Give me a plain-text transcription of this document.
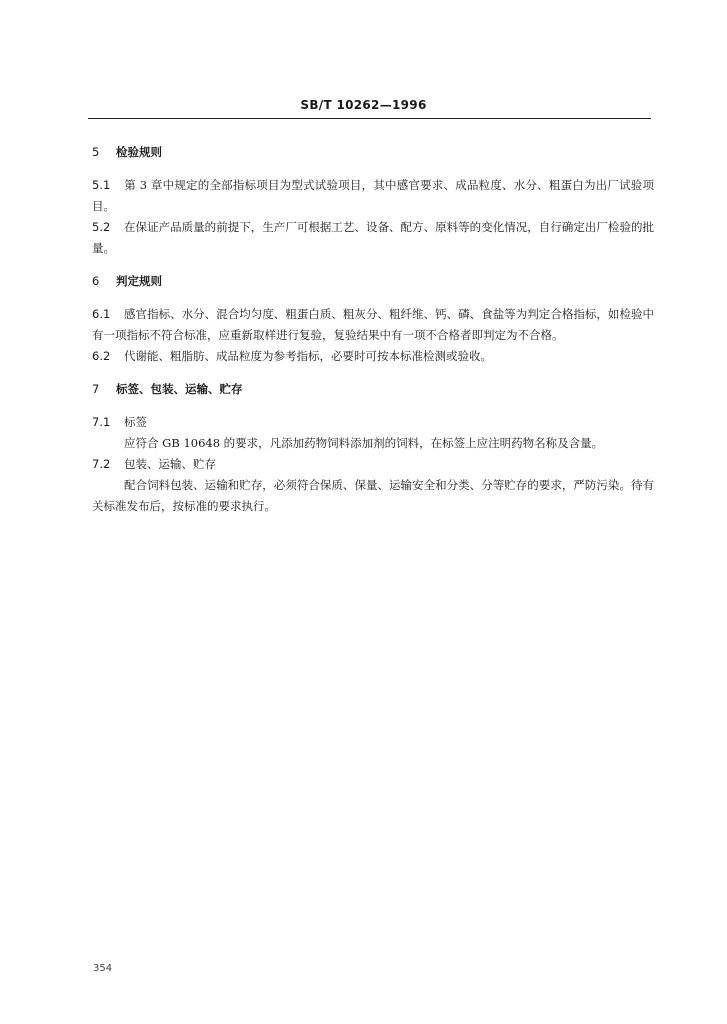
SB/T 10262—1996

5 检验规则

5.1 第 3 章中规定的全部指标项目为型式试验项目，其中感官要求、成品粒度、水分、粗蛋白为出厂试验项目。

5.2 在保证产品质量的前提下，生产厂可根据工艺、设备、配方、原料等的变化情况，自行确定出厂检验的批量。

6 判定规则

6.1 感官指标、水分、混合均匀度、粗蛋白质、粗灰分、粗纤维、钙、磷、食盐等为判定合格指标，如检验中有一项指标不符合标准，应重新取样进行复验，复验结果中有一项不合格者即判定为不合格。

6.2 代谢能、粗脂肪、成品粒度为参考指标，必要时可按本标准检测或验收。

7 标签、包装、运输、贮存

7.1 标签

应符合 GB 10648 的要求，凡添加药物饲料添加剂的饲料，在标签上应注明药物名称及含量。

7.2 包装、运输、贮存

配合饲料包装、运输和贮存，必须符合保质、保量、运输安全和分类、分等贮存的要求，严防污染。待有关标准发布后，按标准的要求执行。

354
